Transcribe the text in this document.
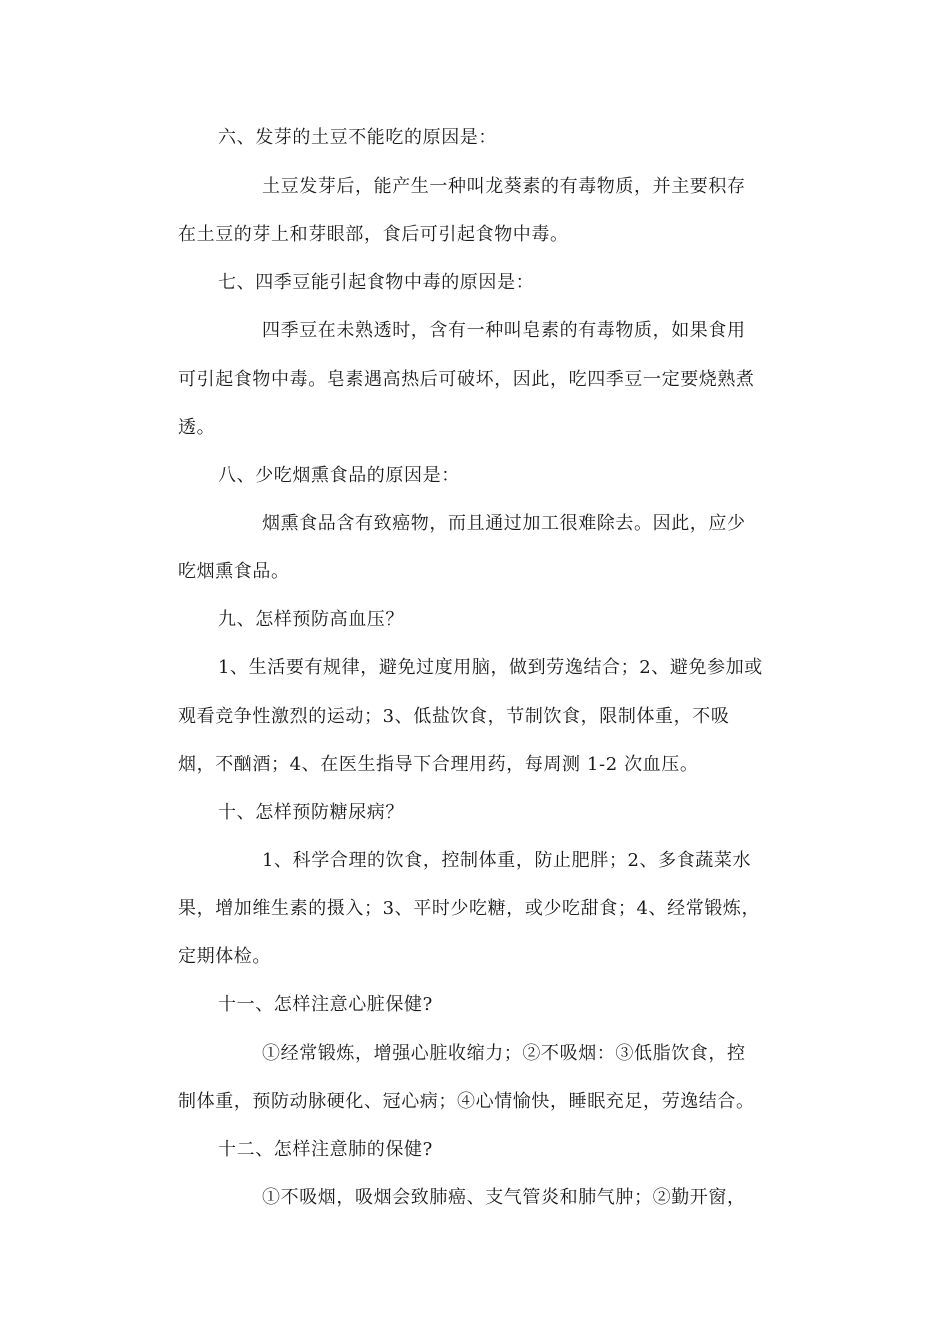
六、发芽的土豆不能吃的原因是：
土豆发芽后，能产生一种叫龙葵素的有毒物质，并主要积存
在土豆的芽上和芽眼部，食后可引起食物中毒。
七、四季豆能引起食物中毒的原因是：
四季豆在未熟透时，含有一种叫皂素的有毒物质，如果食用
可引起食物中毒。皂素遇高热后可破坏，因此，吃四季豆一定要烧熟煮
透。
八、少吃烟熏食品的原因是：
烟熏食品含有致癌物，而且通过加工很难除去。因此，应少
吃烟熏食品。
九、怎样预防高血压？
1、生活要有规律，避免过度用脑，做到劳逸结合；2、避免参加或
观看竞争性激烈的运动；3、低盐饮食，节制饮食，限制体重，不吸
烟，不酗酒；4、在医生指导下合理用药，每周测 1-2 次血压。
十、怎样预防糖尿病？
1、科学合理的饮食，控制体重，防止肥胖；2、多食蔬菜水
果，增加维生素的摄入；3、平时少吃糖，或少吃甜食；4、经常锻炼，
定期体检。
十一、怎样注意心脏保健?
①经常锻炼，增强心脏收缩力；②不吸烟：③低脂饮食，控
制体重，预防动脉硬化、冠心病；④心情愉快，睡眠充足，劳逸结合。
十二、怎样注意肺的保健?
①不吸烟，吸烟会致肺癌、支气管炎和肺气肿；②勤开窗，
